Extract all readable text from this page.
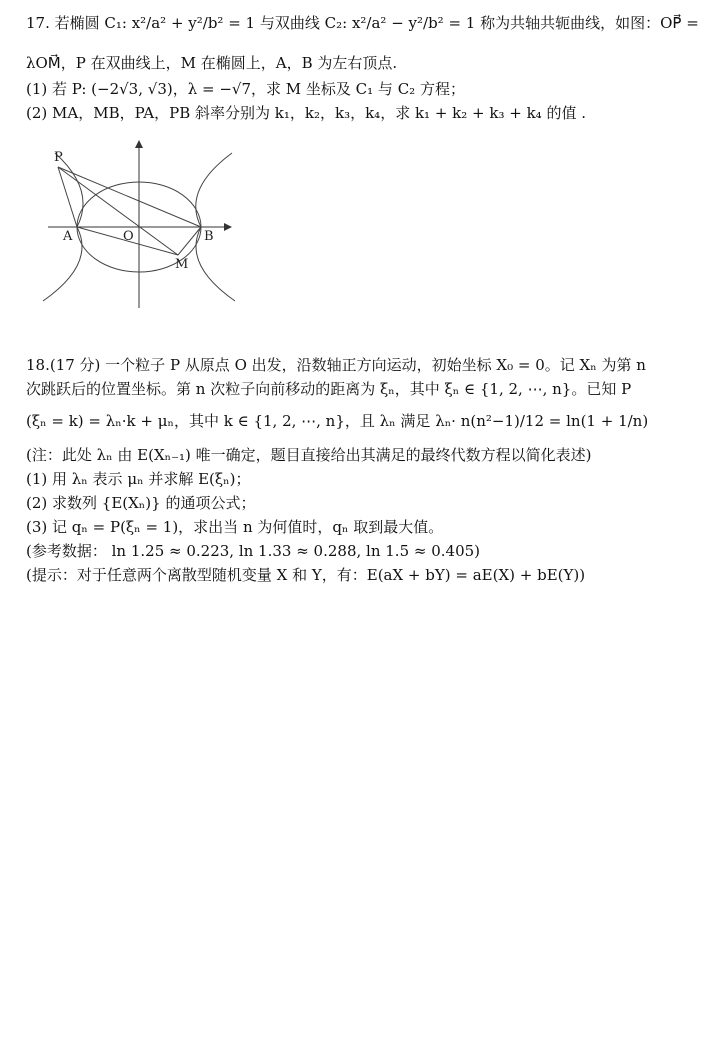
17. 若椭圆 C₁: x²/a² + y²/b² = 1 与双曲线 C₂: x²/a² − y²/b² = 1 称为共轴共轭曲线，如图：OP⃗ =
λOM⃗，P 在双曲线上，M 在椭圆上，A，B 为左右顶点.
(1) 若 P: (−2√3, √3)，λ = −√7，求 M 坐标及 C₁ 与 C₂ 方程；
(2) MA，MB，PA，PB 斜率分别为 k₁，k₂，k₃，k₄，求 k₁ + k₂ + k₃ + k₄ 的值 .
P
A	O	B
M
18.(17 分) 一个粒子 P 从原点 O 出发，沿数轴正方向运动，初始坐标 X₀ = 0。记 Xₙ 为第 n
次跳跃后的位置坐标。第 n 次粒子向前移动的距离为 ξₙ，其中 ξₙ ∈ {1, 2, ⋯, n}。已知 P
(ξₙ = k) = λₙ·k + μₙ，其中 k ∈ {1, 2, ⋯, n}，且 λₙ 满足 λₙ· n(n²−1)/12 = ln(1 + 1/n)
(注：此处 λₙ 由 E(Xₙ₋₁) 唯一确定，题目直接给出其满足的最终代数方程以简化表述)
(1) 用 λₙ 表示 μₙ 并求解 E(ξₙ)；
(2) 求数列 {E(Xₙ)} 的通项公式；
(3) 记 qₙ = P(ξₙ = 1)，求出当 n 为何值时，qₙ 取到最大值。
(参考数据： ln 1.25 ≈ 0.223, ln 1.33 ≈ 0.288, ln 1.5 ≈ 0.405)
(提示：对于任意两个离散型随机变量 X 和 Y，有：E(aX + bY) = aE(X) + bE(Y))
